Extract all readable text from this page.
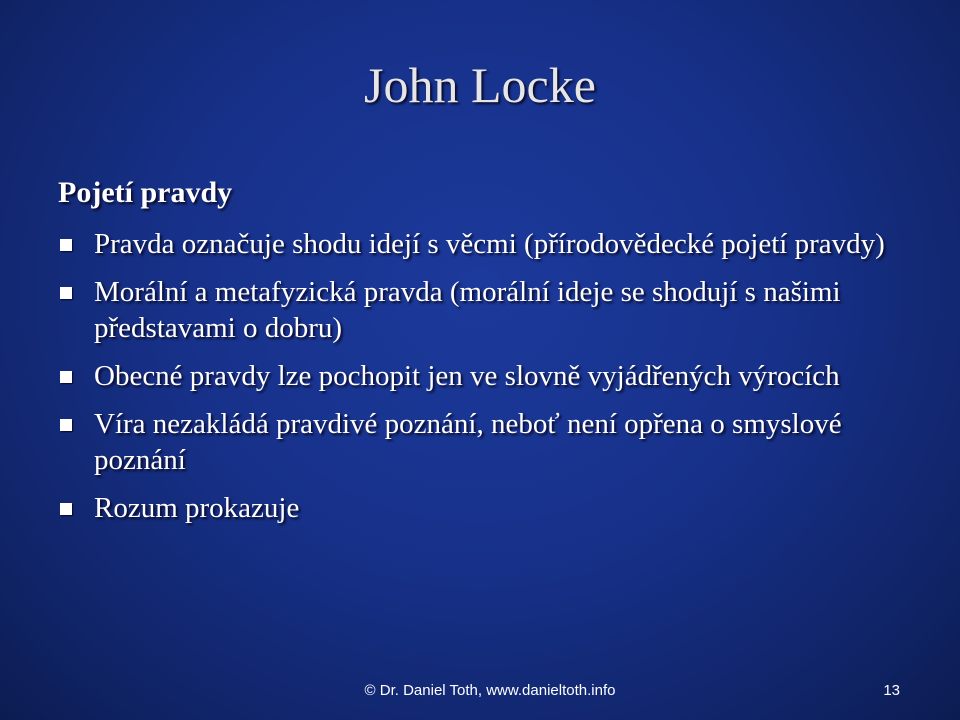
John Locke
Pojetí pravdy
Pravda označuje shodu idejí s věcmi (přírodovědecké pojetí pravdy)
Morální a metafyzická pravda (morální ideje se shodují s našimi představami o dobru)
Obecné pravdy lze pochopit jen ve slovně vyjádřených výrocích
Víra nezakládá pravdivé poznání, neboť není opřena o smyslové poznání
Rozum prokazuje
© Dr. Daniel Toth, www.danieltoth.info	13
